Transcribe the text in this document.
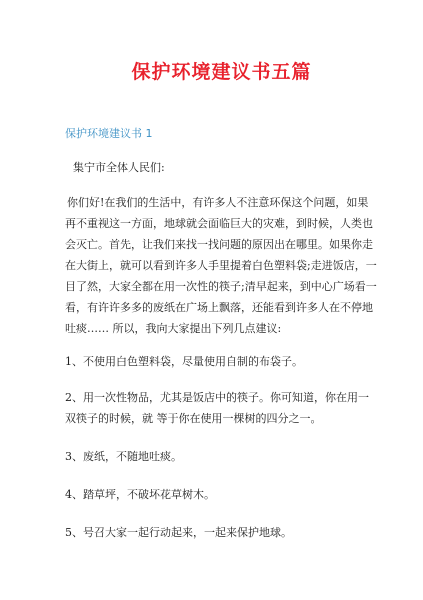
保护环境建议书五篇
保护环境建议书 1

集宁市全体人民们:

你们好!在我们的生活中，有许多人不注意环保这个问题，如果再不重视这一方面，地球就会面临巨大的灾难，到时候，人类也会灭亡。首先，让我们来找一找问题的原因出在哪里。如果你走在大街上，就可以看到许多人手里提着白色塑料袋;走进饭店，一目了然，大家全都在用一次性的筷子;清早起来，到中心广场看一看，有许许多多的废纸在广场上飘落，还能看到许多人在不停地吐痰…… 所以，我向大家提出下列几点建议:

1、不使用白色塑料袋，尽量使用自制的布袋子。

2、用一次性物品，尤其是饭店中的筷子。你可知道，你在用一双筷子的时候，就 等于你在使用一棵树的四分之一。

3、废纸，不随地吐痰。

4、踏草坪，不破坏花草树木。

5、号召大家一起行动起来，一起来保护地球。
